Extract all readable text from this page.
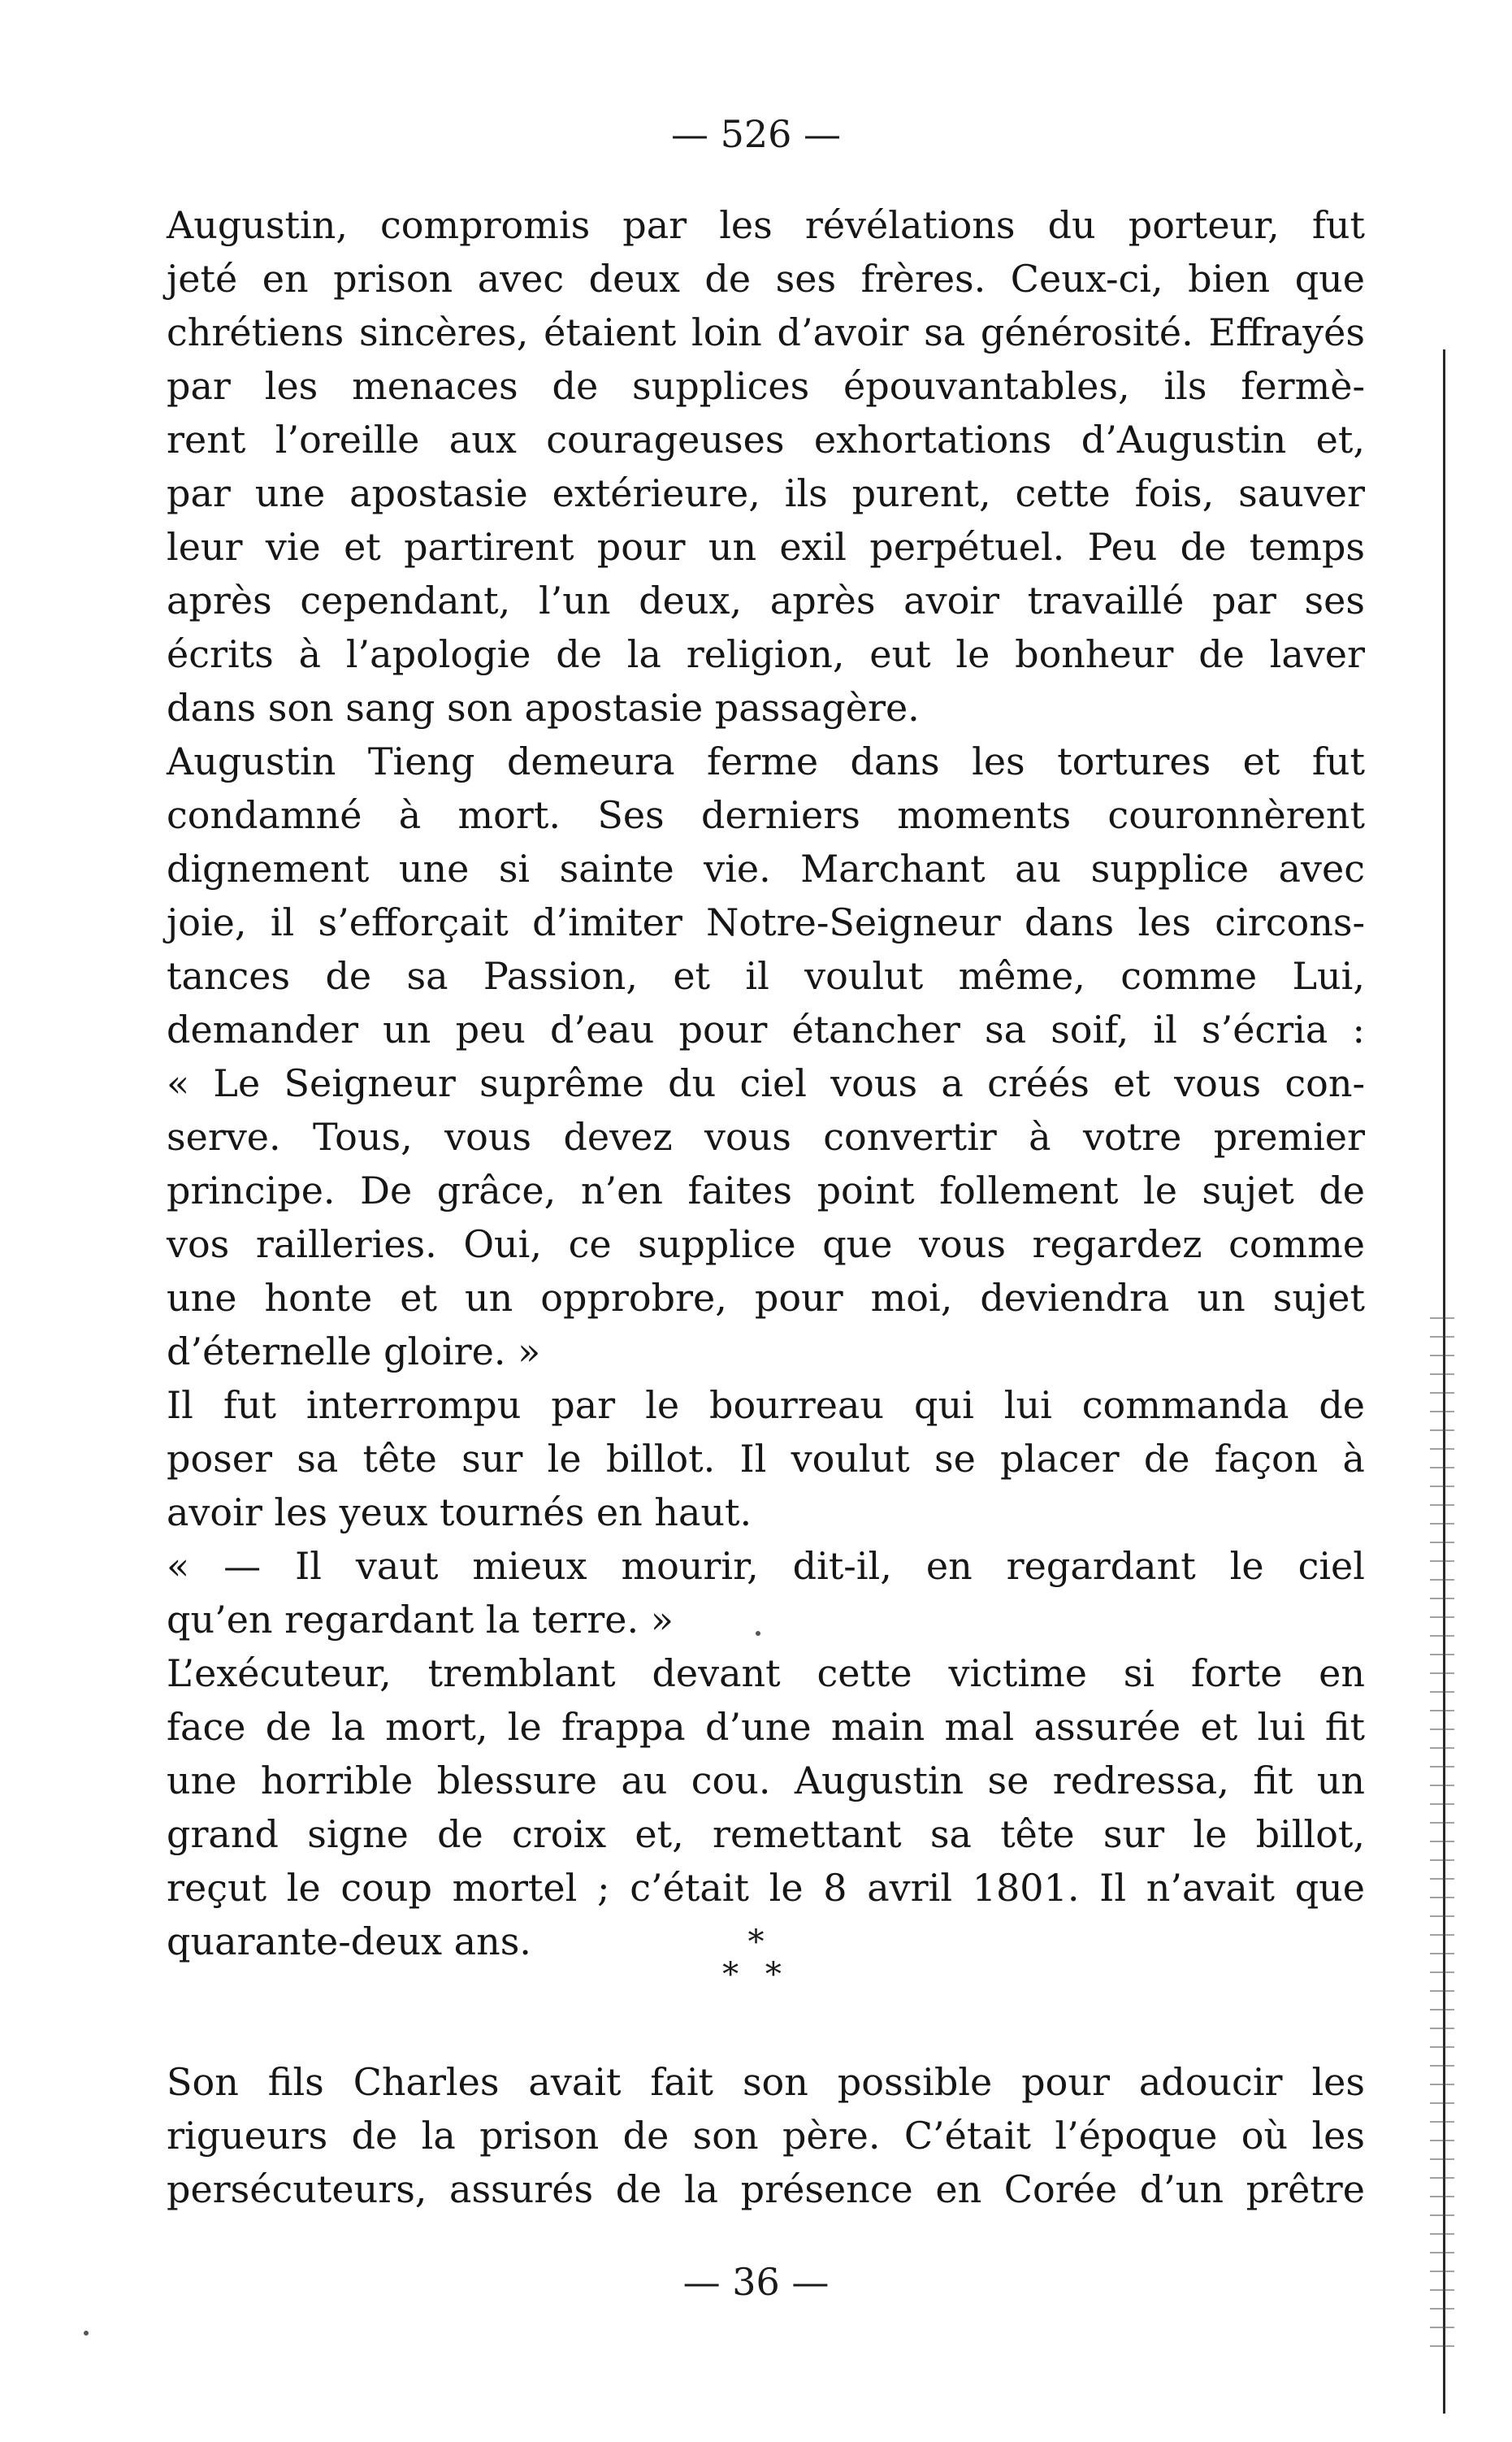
— 526 —
Augustin, compromis par les révélations du porteur, fut
jeté en prison avec deux de ses frères. Ceux-ci, bien que
chrétiens sincères, étaient loin d’avoir sa générosité. Effrayés
par les menaces de supplices épouvantables, ils fermè-
rent l’oreille aux courageuses exhortations d’Augustin et,
par une apostasie extérieure, ils purent, cette fois, sauver
leur vie et partirent pour un exil perpétuel. Peu de temps
après cependant, l’un deux, après avoir travaillé par ses
écrits à l’apologie de la religion, eut le bonheur de laver
dans son sang son apostasie passagère.
Augustin Tieng demeura ferme dans les tortures et fut
condamné à mort. Ses derniers moments couronnèrent
dignement une si sainte vie. Marchant au supplice avec
joie, il s’efforçait d’imiter Notre-Seigneur dans les circons-
tances de sa Passion, et il voulut même, comme Lui,
demander un peu d’eau pour étancher sa soif, il s’écria :
« Le Seigneur suprême du ciel vous a créés et vous con-
serve. Tous, vous devez vous convertir à votre premier
principe. De grâce, n’en faites point follement le sujet de
vos railleries. Oui, ce supplice que vous regardez comme
une honte et un opprobre, pour moi, deviendra un sujet
d’éternelle gloire. »
Il fut interrompu par le bourreau qui lui commanda de
poser sa tête sur le billot. Il voulut se placer de façon à
avoir les yeux tournés en haut.
« — Il vaut mieux mourir, dit-il, en regardant le ciel
qu’en regardant la terre. »
L’exécuteur, tremblant devant cette victime si forte en
face de la mort, le frappa d’une main mal assurée et lui fit
une horrible blessure au cou. Augustin se redressa, fit un
grand signe de croix et, remettant sa tête sur le billot,
reçut le coup mortel ; c’était le 8 avril 1801. Il n’avait que
quarante-deux ans.	*
* *
Son fils Charles avait fait son possible pour adoucir les
rigueurs de la prison de son père. C’était l’époque où les
persécuteurs, assurés de la présence en Corée d’un prêtre
— 36 —
